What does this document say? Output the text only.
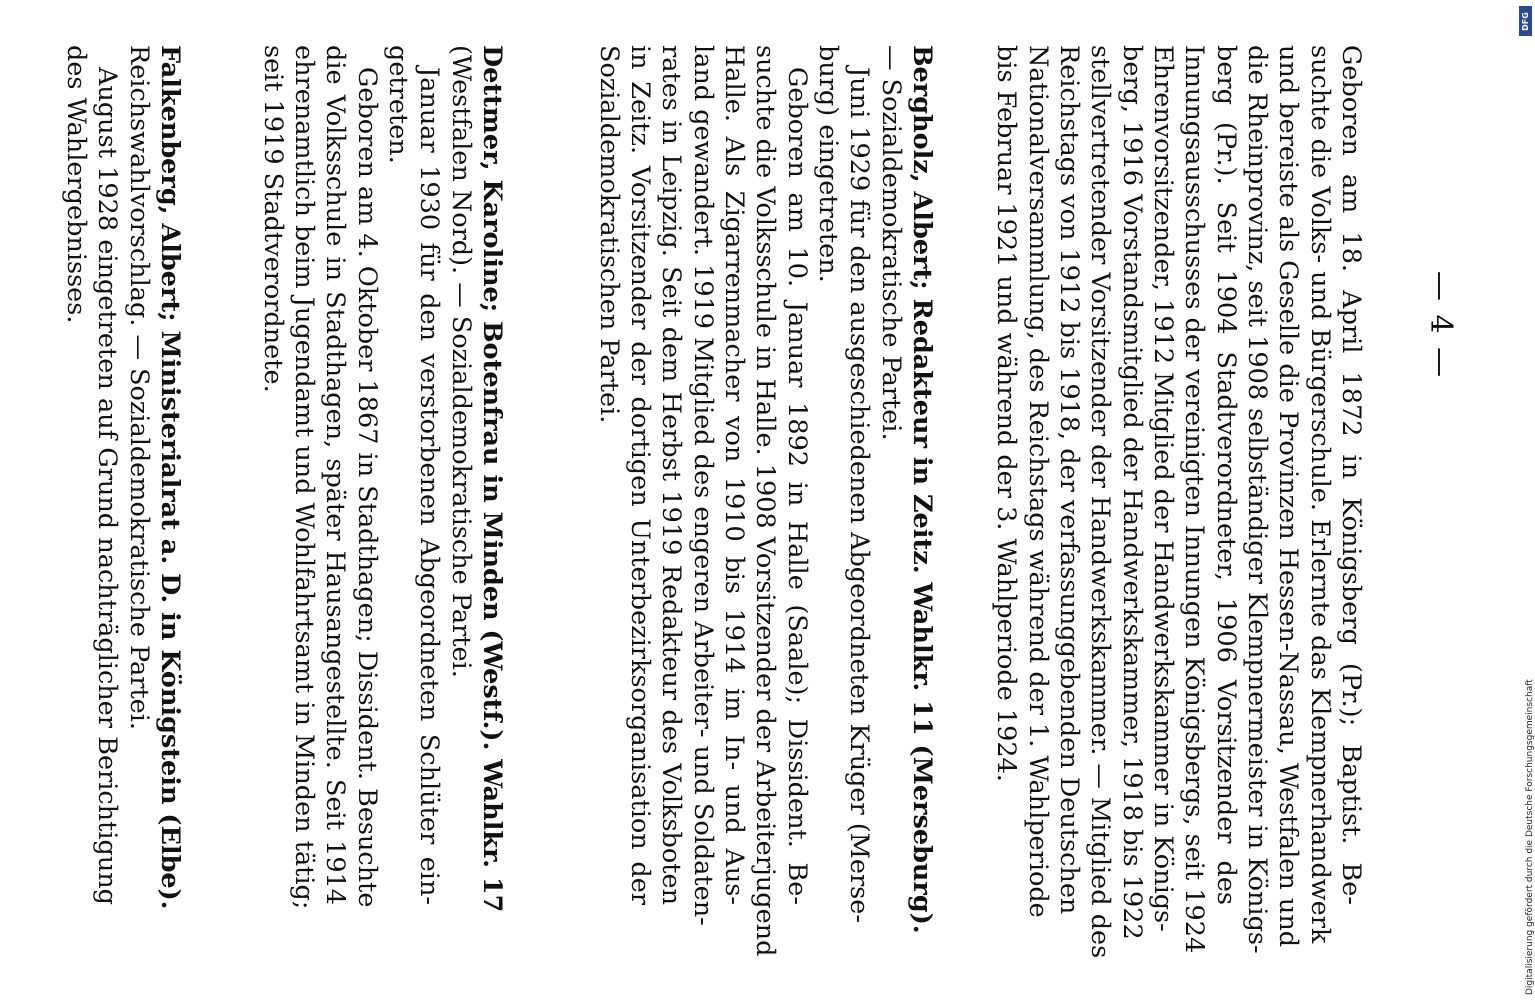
— 4 —
Geboren am 18. April 1872 in Königsberg (Pr.); Baptist. Be-
suchte die Volks- und Bürgerschule. Erlernte das Klempnerhandwerk
und bereiste als Geselle die Provinzen Hessen-Nassau, Westfalen und
die Rheinprovinz, seit 1908 selbständiger Klempnermeister in Königs-
berg (Pr.). Seit 1904 Stadtverordneter, 1906 Vorsitzender des
Innungsausschusses der vereinigten Innungen Königsbergs, seit 1924
Ehrenvorsitzender, 1912 Mitglied der Handwerkskammer in Königs-
berg, 1916 Vorstandsmitglied der Handwerkskammer, 1918 bis 1922
stellvertretender Vorsitzender der Handwerkskammer. — Mitglied des
Reichstags von 1912 bis 1918, der verfassunggebenden Deutschen
Nationalversammlung, des Reichstags während der 1. Wahlperiode
bis Februar 1921 und während der 3. Wahlperiode 1924.
Bergholz, Albert; Redakteur in Zeitz. Wahlkr. 11 (Merseburg).
— Sozialdemokratische Partei.
Juni 1929 für den ausgeschiedenen Abgeordneten Krüger (Merse-
burg) eingetreten.
Geboren am 10. Januar 1892 in Halle (Saale); Dissident. Be-
suchte die Volksschule in Halle. 1908 Vorsitzender der Arbeiterjugend
Halle. Als Zigarrenmacher von 1910 bis 1914 im In- und Aus-
land gewandert. 1919 Mitglied des engeren Arbeiter- und Soldaten-
rates in Leipzig. Seit dem Herbst 1919 Redakteur des Volksboten
in Zeitz. Vorsitzender der dortigen Unterbezirksorganisation der
Sozialdemokratischen Partei.
Dettmer, Karoline; Botenfrau in Minden (Westf.). Wahlkr. 17
(Westfalen Nord). — Sozialdemokratische Partei.
Januar 1930 für den verstorbenen Abgeordneten Schlüter ein-
getreten.
Geboren am 4. Oktober 1867 in Stadthagen; Dissident. Besuchte
die Volksschule in Stadthagen, später Hausangestellte. Seit 1914
ehrenamtlich beim Jugendamt und Wohlfahrtsamt in Minden tätig;
seit 1919 Stadtverordnete.
Falkenberg, Albert; Ministerialrat a. D. in Königstein (Elbe).
Reichswahlvorschlag. — Sozialdemokratische Partei.
August 1928 eingetreten auf Grund nachträglicher Berichtigung
des Wahlergebnisses.
DFG
Digitalisierung gefördert durch die Deutsche Forschungsgemeinschaft
